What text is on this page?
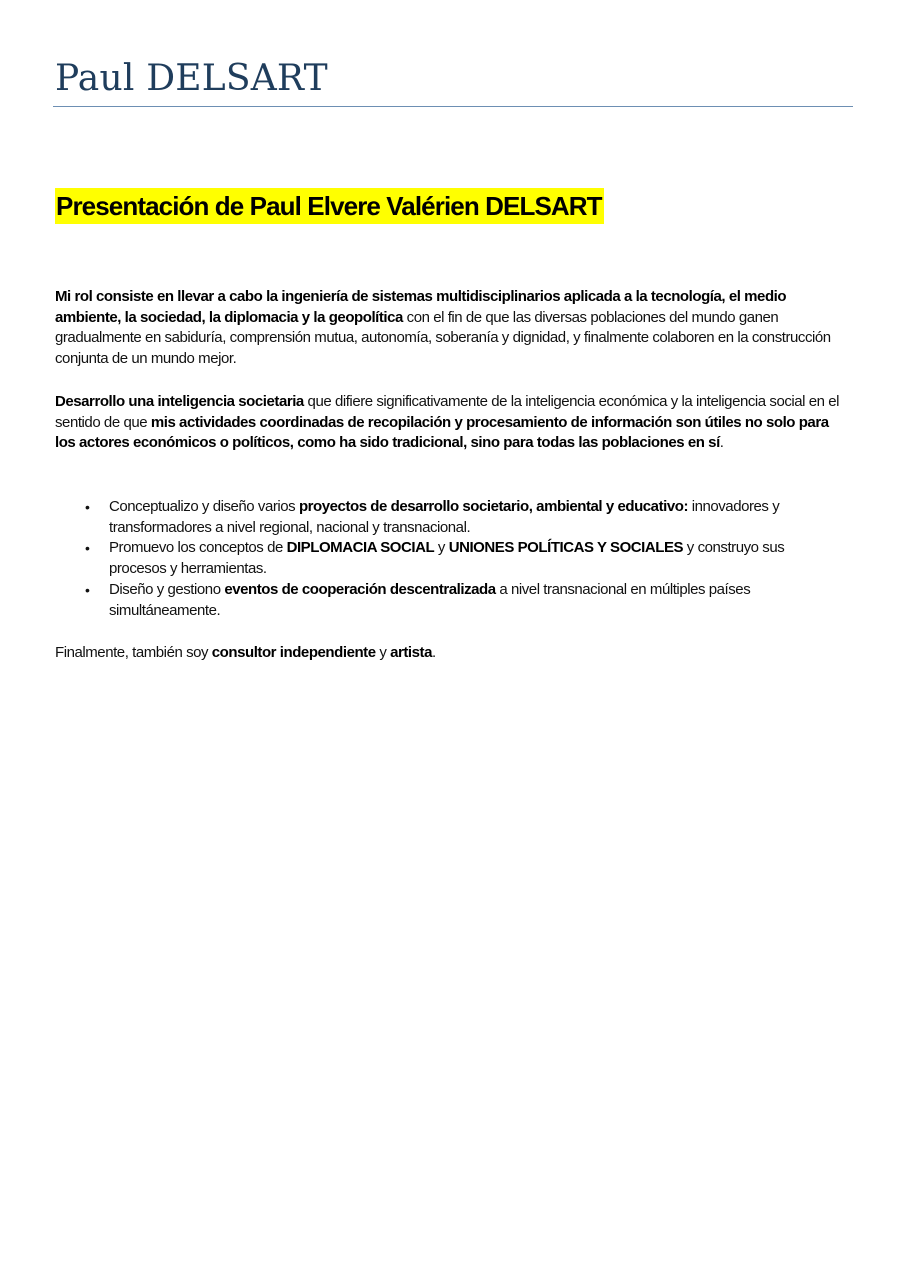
Paul DELSART
Presentación de Paul Elvere Valérien DELSART

Mi rol consiste en llevar a cabo la ingeniería de sistemas multidisciplinarios aplicada a la tecnología, el medio ambiente, la sociedad, la diplomacia y la geopolítica con el fin de que las diversas poblaciones del mundo ganen gradualmente en sabiduría, comprensión mutua, autonomía, soberanía y dignidad, y finalmente colaboren en la construcción conjunta de un mundo mejor.

Desarrollo una inteligencia societaria que difiere significativamente de la inteligencia económica y la inteligencia social en el sentido de que mis actividades coordinadas de recopilación y procesamiento de información son útiles no solo para los actores económicos o políticos, como ha sido tradicional, sino para todas las poblaciones en sí.

• Conceptualizo y diseño varios proyectos de desarrollo societario, ambiental y educativo: innovadores y transformadores a nivel regional, nacional y transnacional.
• Promuevo los conceptos de DIPLOMACIA SOCIAL y UNIONES POLÍTICAS Y SOCIALES y construyo sus procesos y herramientas.
• Diseño y gestiono eventos de cooperación descentralizada a nivel transnacional en múltiples países simultáneamente.

Finalmente, también soy consultor independiente y artista.
